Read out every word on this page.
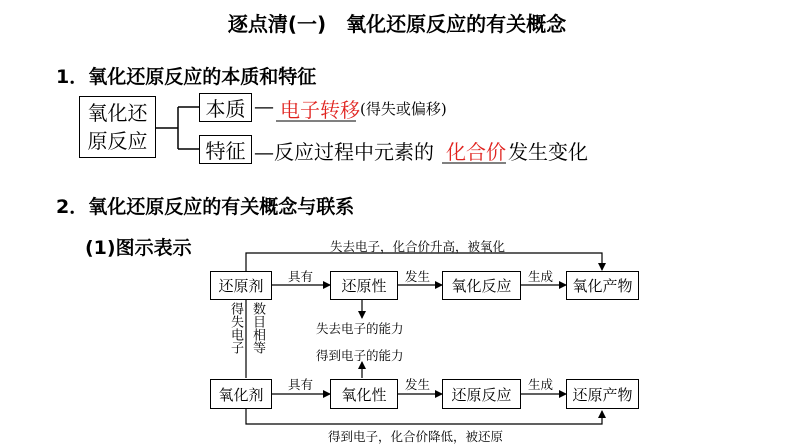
逐点清(一)　氧化还原反应的有关概念
1．氧化还原反应的本质和特征
氧化还
原反应
本质 — 电子转移 (得失或偏移)
特征 —反应过程中元素的 化合价 发生变化
2．氧化还原反应的有关概念与联系
(1)图示表示	失去电子，化合价升高，被氧化
得到电子，化合价降低，被还原
还原剂	还原性	氧化反应	氧化产物
氧化剂	氧化性	还原反应	还原产物
具有	发生	生成
具有	发生	生成
失去电子的能力
得到电子的能力
得失电子 数目相等
